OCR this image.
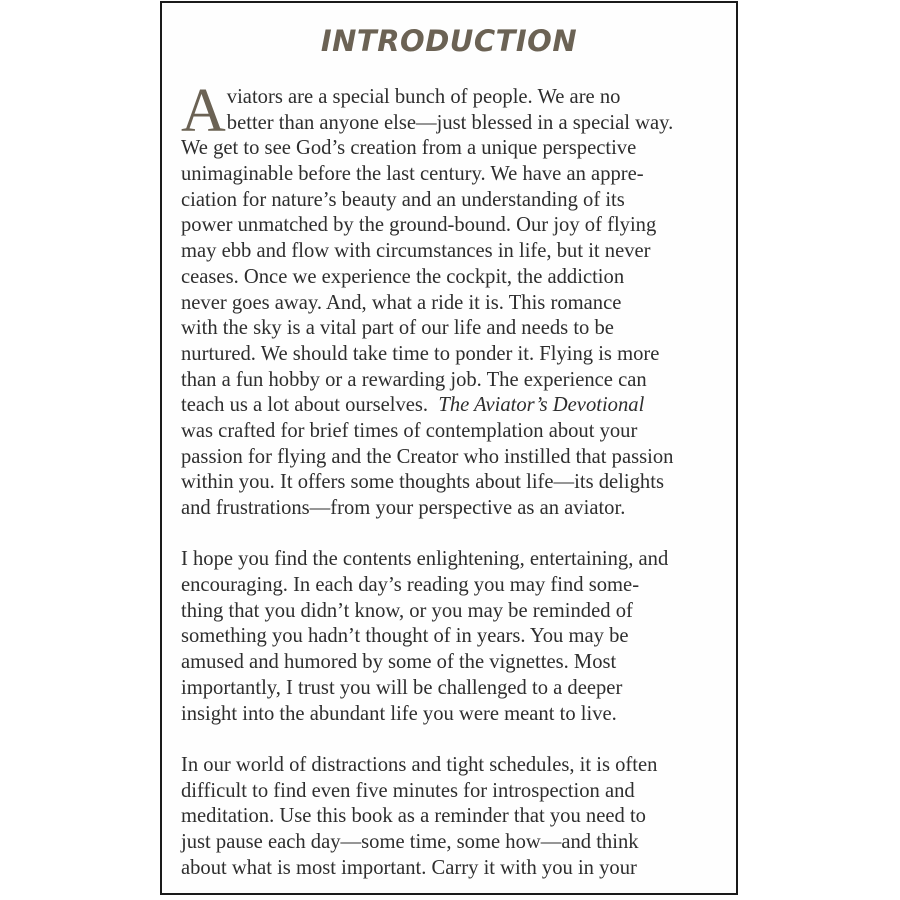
INTRODUCTION
A viators are a special bunch of people. We are no
better than anyone else—just blessed in a special way.
We get to see God’s creation from a unique perspective
unimaginable before the last century. We have an appre-
ciation for nature’s beauty and an understanding of its
power unmatched by the ground-bound. Our joy of flying
may ebb and flow with circumstances in life, but it never
ceases. Once we experience the cockpit, the addiction
never goes away. And, what a ride it is. This romance
with the sky is a vital part of our life and needs to be
nurtured. We should take time to ponder it. Flying is more
than a fun hobby or a rewarding job. The experience can
teach us a lot about ourselves.  The Aviator’s Devotional
was crafted for brief times of contemplation about your
passion for flying and the Creator who instilled that passion
within you. It offers some thoughts about life—its delights
and frustrations—from your perspective as an aviator.
I hope you find the contents enlightening, entertaining, and
encouraging. In each day’s reading you may find some-
thing that you didn’t know, or you may be reminded of
something you hadn’t thought of in years. You may be
amused and humored by some of the vignettes. Most
importantly, I trust you will be challenged to a deeper
insight into the abundant life you were meant to live.
In our world of distractions and tight schedules, it is often
difficult to find even five minutes for introspection and
meditation. Use this book as a reminder that you need to
just pause each day—some time, some how—and think
about what is most important. Carry it with you in your
